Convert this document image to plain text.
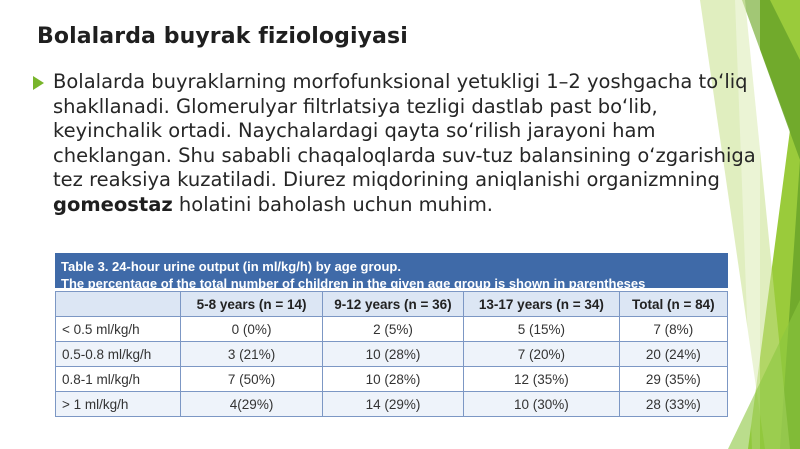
Bolalarda buyrak fiziologiyasi
Bolalarda buyraklarning morfofunksional yetukligi 1–2 yoshgacha to‘liq shakllanadi. Glomerulyar filtrlatsiya tezligi dastlab past bo‘lib, keyinchalik ortadi. Naychalardagi qayta so‘rilish jarayoni ham cheklangan. Shu sababli chaqaloqlarda suv-tuz balansining o‘zgarishiga tez reaksiya kuzatiladi. Diurez miqdorining aniqlanishi organizmning gomeostaz holatini baholash uchun muhim.
Table 3. 24-hour urine output (in ml/kg/h) by age group.
The percentage of the total number of children in the given age group is shown in parentheses
	5-8 years (n = 14)	9-12 years (n = 36)	13-17 years (n = 34)	Total (n = 84)
< 0.5 ml/kg/h	0 (0%)	2 (5%)	5 (15%)	7 (8%)
0.5-0.8 ml/kg/h	3 (21%)	10 (28%)	7 (20%)	20 (24%)
0.8-1 ml/kg/h	7 (50%)	10 (28%)	12 (35%)	29 (35%)
> 1 ml/kg/h	4(29%)	14 (29%)	10 (30%)	28 (33%)
